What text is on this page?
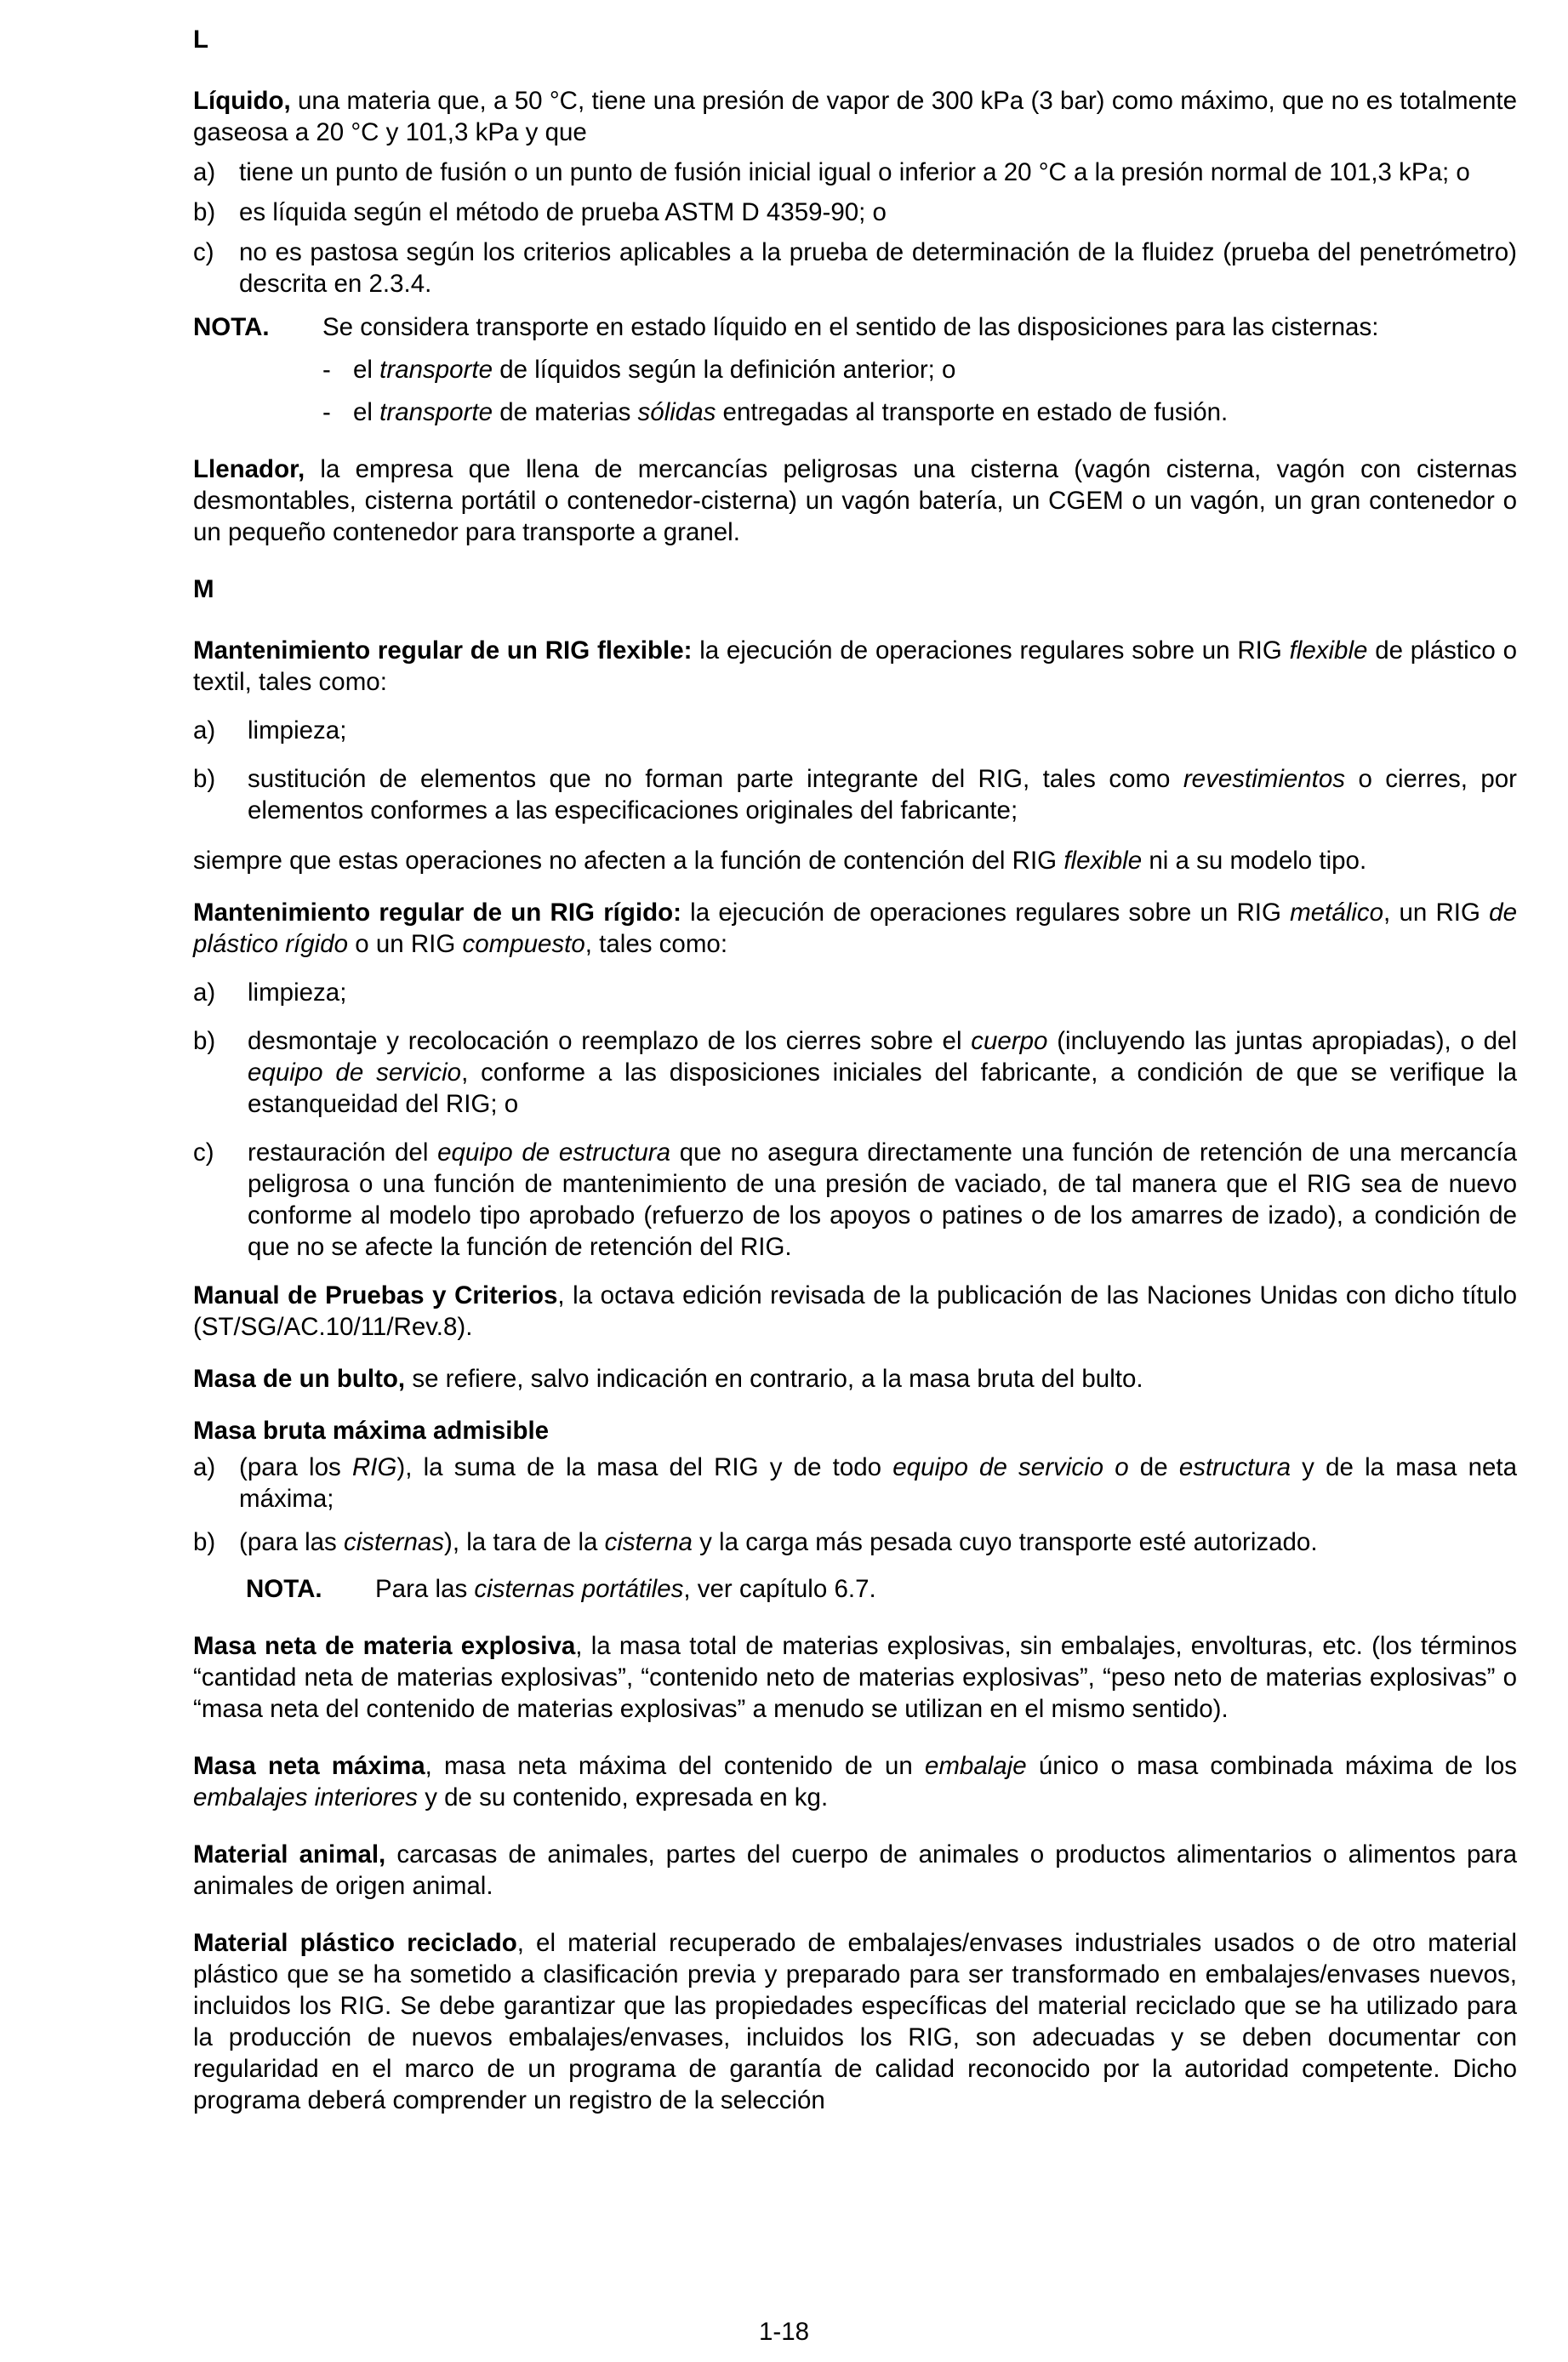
L

Líquido, una materia que, a 50 °C, tiene una presión de vapor de 300 kPa (3 bar) como máximo, que no es totalmente gaseosa a 20 °C y 101,3 kPa y que

a) tiene un punto de fusión o un punto de fusión inicial igual o inferior a 20 °C a la presión normal de 101,3 kPa; o
b) es líquida según el método de prueba ASTM D 4359-90; o
c) no es pastosa según los criterios aplicables a la prueba de determinación de la fluidez (prueba del penetrómetro) descrita en 2.3.4.
NOTA.	Se considera transporte en estado líquido en el sentido de las disposiciones para las cisternas:
- el transporte de líquidos según la definición anterior; o
- el transporte de materias sólidas entregadas al transporte en estado de fusión.

Llenador, la empresa que llena de mercancías peligrosas una cisterna (vagón cisterna, vagón con cisternas desmontables, cisterna portátil o contenedor-cisterna) un vagón batería, un CGEM o un vagón, un gran contenedor o un pequeño contenedor para transporte a granel.

M

Mantenimiento regular de un RIG flexible: la ejecución de operaciones regulares sobre un RIG flexible de plástico o textil, tales como:

a)	limpieza;
b)	sustitución de elementos que no forman parte integrante del RIG, tales como revestimientos o cierres, por elementos conformes a las especificaciones originales del fabricante;

siempre que estas operaciones no afecten a la función de contención del RIG flexible ni a su modelo tipo.

Mantenimiento regular de un RIG rígido: la ejecución de operaciones regulares sobre un RIG metálico, un RIG de plástico rígido o un RIG compuesto, tales como:

a)	limpieza;
b)	desmontaje y recolocación o reemplazo de los cierres sobre el cuerpo (incluyendo las juntas apropiadas), o del equipo de servicio, conforme a las disposiciones iniciales del fabricante, a condición de que se verifique la estanqueidad del RIG; o
c)	restauración del equipo de estructura que no asegura directamente una función de retención de una mercancía peligrosa o una función de mantenimiento de una presión de vaciado, de tal manera que el RIG sea de nuevo conforme al modelo tipo aprobado (refuerzo de los apoyos o patines o de los amarres de izado), a condición de que no se afecte la función de retención del RIG.

Manual de Pruebas y Criterios, la octava edición revisada de la publicación de las Naciones Unidas con dicho título (ST/SG/AC.10/11/Rev.8).

Masa de un bulto, se refiere, salvo indicación en contrario, a la masa bruta del bulto.

Masa bruta máxima admisible

a) (para los RIG), la suma de la masa del RIG y de todo equipo de servicio o de estructura y de la masa neta máxima;
b) (para las cisternas), la tara de la cisterna y la carga más pesada cuyo transporte esté autorizado.
NOTA.	Para las cisternas portátiles, ver capítulo 6.7.

Masa neta de materia explosiva, la masa total de materias explosivas, sin embalajes, envolturas, etc. (los términos “cantidad neta de materias explosivas”, “contenido neto de materias explosivas”, “peso neto de materias explosivas” o “masa neta del contenido de materias explosivas” a menudo se utilizan en el mismo sentido).

Masa neta máxima, masa neta máxima del contenido de un embalaje único o masa combinada máxima de los embalajes interiores y de su contenido, expresada en kg.

Material animal, carcasas de animales, partes del cuerpo de animales o productos alimentarios o alimentos para animales de origen animal.

Material plástico reciclado, el material recuperado de embalajes/envases industriales usados o de otro material plástico que se ha sometido a clasificación previa y preparado para ser transformado en embalajes/envases nuevos, incluidos los RIG. Se debe garantizar que las propiedades específicas del material reciclado que se ha utilizado para la producción de nuevos embalajes/envases, incluidos los RIG, son adecuadas y se deben documentar con regularidad en el marco de un programa de garantía de calidad reconocido por la autoridad competente. Dicho programa deberá comprender un registro de la selección

1-18
